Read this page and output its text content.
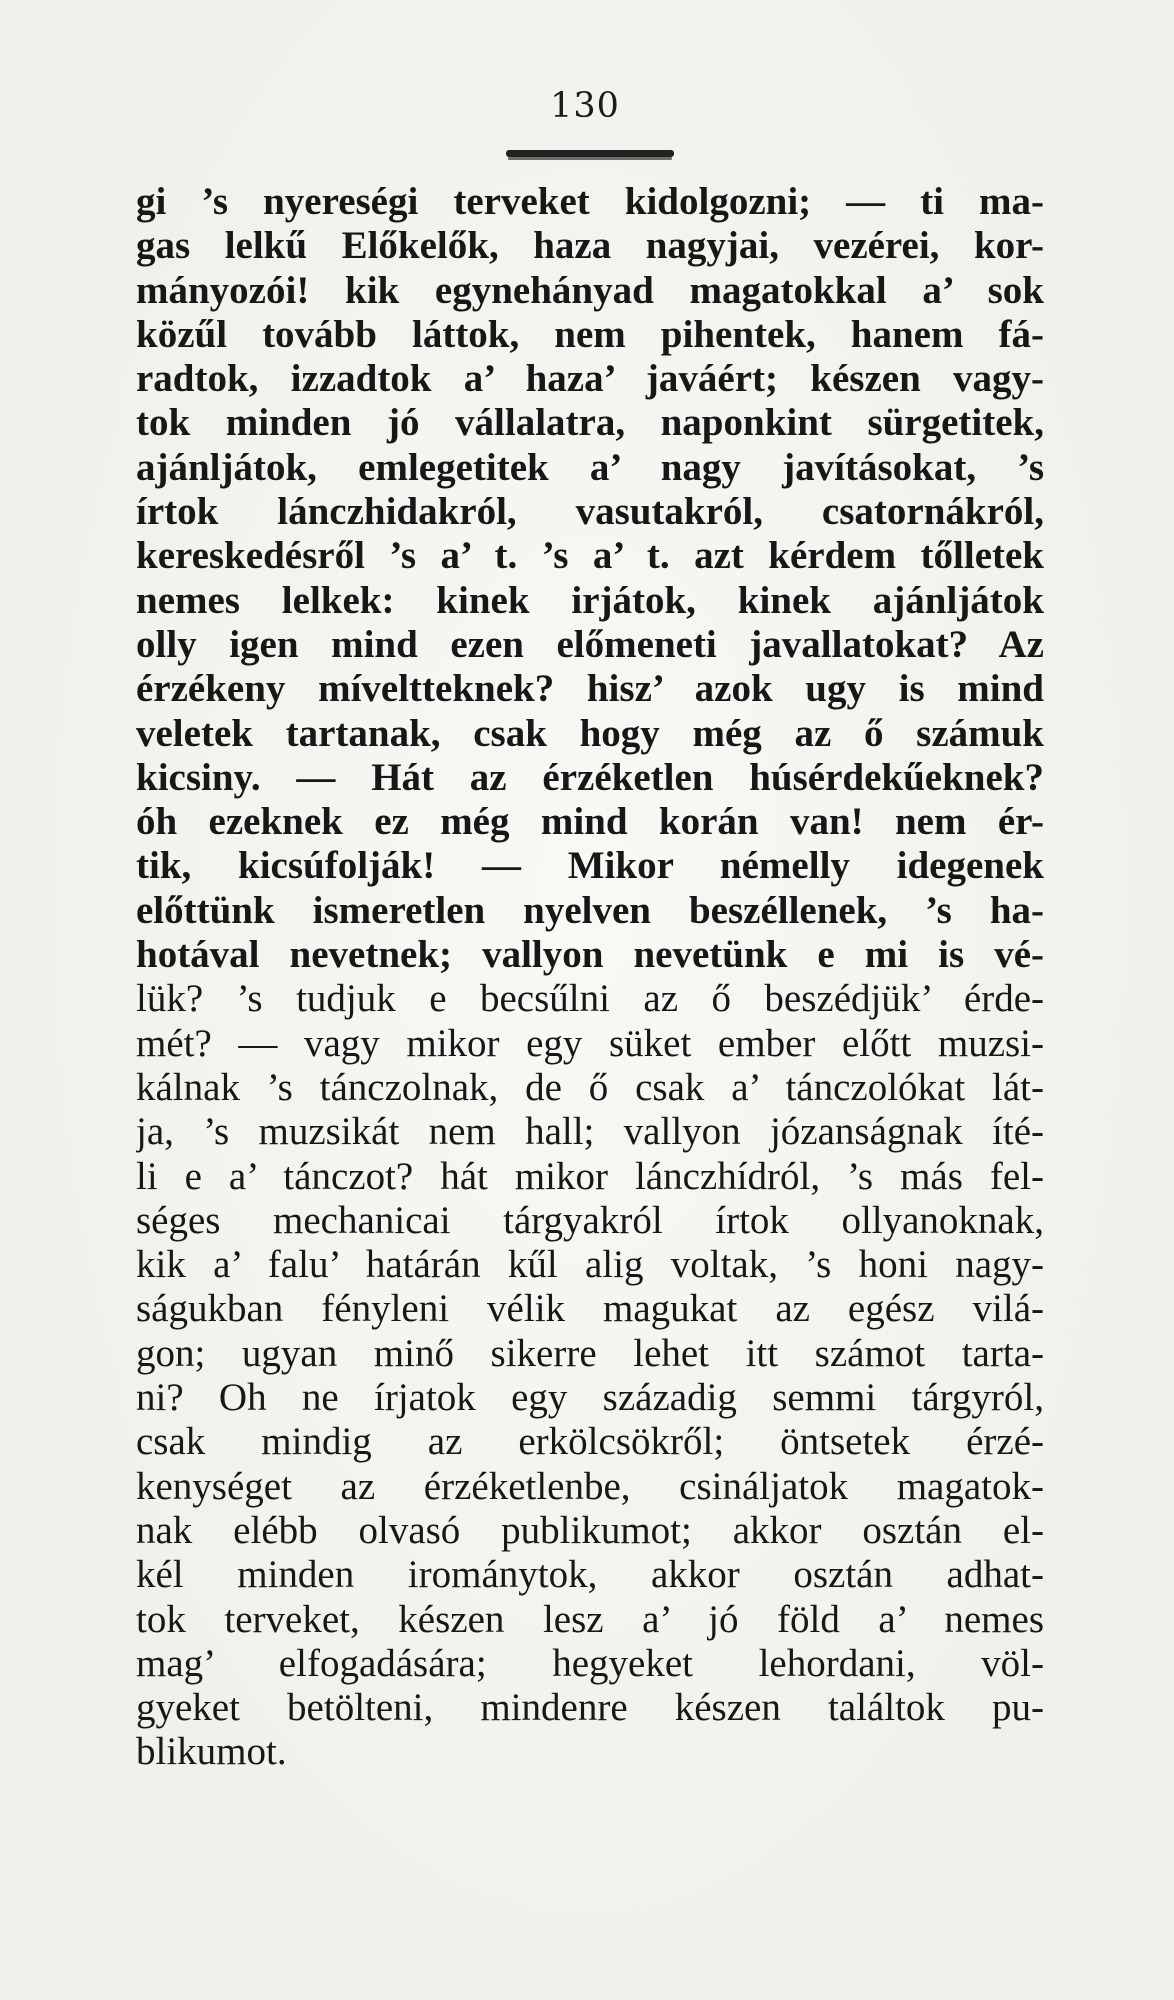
130
gi ’s nyereségi terveket kidolgozni; — ti ma-
gas lelkű Előkelők, haza nagyjai, vezérei, kor-
mányozói! kik egynehányad magatokkal a’ sok
közűl tovább láttok, nem pihentek, hanem fá-
radtok, izzadtok a’ haza’ javáért; készen vagy-
tok minden jó vállalatra, naponkint sürgetitek,
ajánljátok, emlegetitek a’ nagy javításokat, ’s
írtok lánczhidakról, vasutakról, csatornákról,
kereskedésről ’s a’ t. ’s a’ t. azt kérdem tőlletek
nemes lelkek: kinek irjátok, kinek ajánljátok
olly igen mind ezen előmeneti javallatokat? Az
érzékeny míveltteknek? hisz’ azok ugy is mind
veletek tartanak, csak hogy még az ő számuk
kicsiny. — Hát az érzéketlen húsérdekűeknek?
óh ezeknek ez még mind korán van! nem ér-
tik, kicsúfolják! — Mikor némelly idegenek
előttünk ismeretlen nyelven beszéllenek, ’s ha-
hotával nevetnek; vallyon nevetünk e mi is vé-
lük? ’s tudjuk e becsűlni az ő beszédjük’ érde-
mét? — vagy mikor egy süket ember előtt muzsi-
kálnak ’s tánczolnak, de ő csak a’ tánczolókat lát-
ja, ’s muzsikát nem hall; vallyon józanságnak íté-
li e a’ tánczot? hát mikor lánczhídról, ’s más fel-
séges mechanicai tárgyakról írtok ollyanoknak,
kik a’ falu’ határán kűl alig voltak, ’s honi nagy-
ságukban fényleni vélik magukat az egész vilá-
gon; ugyan minő sikerre lehet itt számot tarta-
ni? Oh ne írjatok egy századig semmi tárgyról,
csak mindig az erkölcsökről; öntsetek érzé-
kenységet az érzéketlenbe, csináljatok magatok-
nak elébb olvasó publikumot; akkor osztán el-
kél minden irománytok, akkor osztán adhat-
tok terveket, készen lesz a’ jó föld a’ nemes
mag’ elfogadására; hegyeket lehordani, völ-
gyeket betölteni, mindenre készen találtok pu-
blikumot.
